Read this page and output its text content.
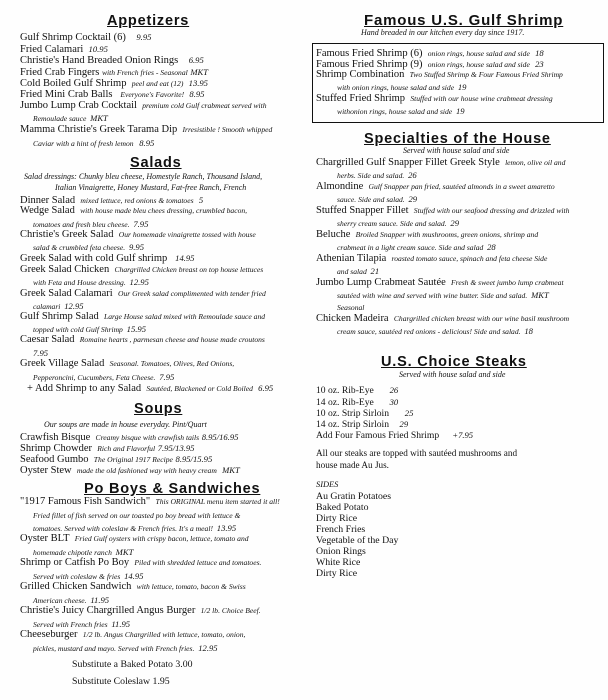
Appetizers
Gulf Shrimp Cocktail (6) 9.95
Fried Calamari 10.95
Christie's Hand Breaded Onion Rings 6.95
Fried Crab Fingers with French fries - Seasonal MKT
Cold Boiled Gulf Shrimp peel and eat (12) 13.95
Fried Mini Crab Balls Everyone's Favorite! 8.95
Jumbo Lump Crab Cocktail premium cold Gulf crabmeat served with
Remoulade sauce MKT
Mamma Christie's Greek Tarama Dip Irresistible ! Smooth whipped
Caviar with a hint of fresh lemon 8.95
Salads
Salad dressings: Chunky bleu cheese, Homestyle Ranch, Thousand Island,
Italian Vinaigrette, Honey Mustard, Fat-free Ranch, French
Dinner Salad mixed lettuce, red onions & tomatoes 5
Wedge Salad with house made bleu chees dressing, crumbled bacon,
tomatoes and fresh bleu cheese. 7.95
Christie's Greek Salad Our homemade vinaigrette tossed with house
salad & crumbled feta cheese. 9.95
Greek Salad with cold Gulf shrimp 14.95
Greek Salad Chicken Chargrilled Chicken breast on top house lettuces
with Feta and House dressing. 12.95
Greek Salad Calamari Our Greek salad complimented with tender fried
calamari 12.95
Gulf Shrimp Salad Large House salad mixed with Remoulade sauce and
topped with cold Gulf Shrimp 15.95
Caesar Salad Romaine hearts , parmesan cheese and house made croutons
7.95
Greek Village Salad Seasonal. Tomatoes, Olives, Red Onions,
Pepperoncini, Cucumbers, Feta Cheese. 7.95
+ Add Shrimp to any Salad Sautéed, Blackened or Cold Boiled 6.95
Soups
Our soups are made in house everyday. Pint/Quart
Crawfish Bisque Creamy bisque with crawfish tails 8.95/16.95
Shrimp Chowder Rich and Flavorful 7.95/13.95
Seafood Gumbo The Original 1917 Recipe 8.95/15.95
Oyster Stew made the old fashioned way with heavy cream MKT
Po Boys & Sandwiches
"1917 Famous Fish Sandwich" This ORIGINAL menu item started it all!
Fried fillet of fish served on our toasted po boy bread with lettuce &
tomatoes. Served with coleslaw & French fries. It's a meal! 13.95
Oyster BLT Fried Gulf oysters with crispy bacon, lettuce, tomato and
homemade chipotle ranch MKT
Shrimp or Catfish Po Boy Piled with shredded lettuce and tomatoes.
Served with coleslaw & fries 14.95
Grilled Chicken Sandwich with lettuce, tomato, bacon & Swiss
American cheese. 11.95
Christie's Juicy Chargrilled Angus Burger 1/2 lb. Choice Beef.
Served with French fries 11.95
Cheeseburger 1/2 lb. Angus Chargrilled with lettuce, tomato, onion,
pickles, mustard and mayo. Served with French fries. 12.95
Substitute a Baked Potato 3.00
Substitute Coleslaw 1.95
Famous U.S. Gulf Shrimp
Hand breaded in our kitchen every day since 1917.
Famous Fried Shrimp (6) onion rings, house salad and side 18
Famous Fried Shrimp (9) onion rings, house salad and side 23
Shrimp Combination Two Stuffed Shrimp & Four Famous Fried Shrimp
with onion rings, house salad and side 19
Stuffed Fried Shrimp Stuffed with our house wine crabmeat dressing
withonion rings, house salad and side 19
Specialties of the House
Served with house salad and side
Chargrilled Gulf Snapper Fillet Greek Style lemon, olive oil and
herbs. Side and salad. 26
Almondine Gulf Snapper pan fried, sautéed almonds in a sweet amaretto
sauce. Side and salad. 29
Stuffed Snapper Fillet Stuffed with our seafood dressing and drizzled with
sherry cream sauce. Side and salad. 29
Beluche Broiled Snapper with mushrooms, green onions, shrimp and
crabmeat in a light cream sauce. Side and salad 28
Athenian Tilapia roasted tomato sauce, spinach and feta cheese Side
and salad 21
Jumbo Lump Crabmeat Sautée Fresh & sweet jumbo lump crabmeat
sautéed with wine and served with wine butter. Side and salad. MKT
Seasonal
Chicken Madeira Chargrilled chicken breast with our wine basil mushroom
cream sauce, sautéed red onions - delicious! Side and salad. 18
U.S. Choice Steaks
Served with house salad and side
10 oz. Rib-Eye 26
14 oz. Rib-Eye 30
10 oz. Strip Sirloin 25
14 oz. Strip Sirloin 29
Add Four Famous Fried Shrimp +7.95
All our steaks are topped with sautéed mushrooms and
house made Au Jus.
SIDES
Au Gratin Potatoes
Baked Potato
Dirty Rice
French Fries
Vegetable of the Day
Onion Rings
White Rice
Dirty Rice
